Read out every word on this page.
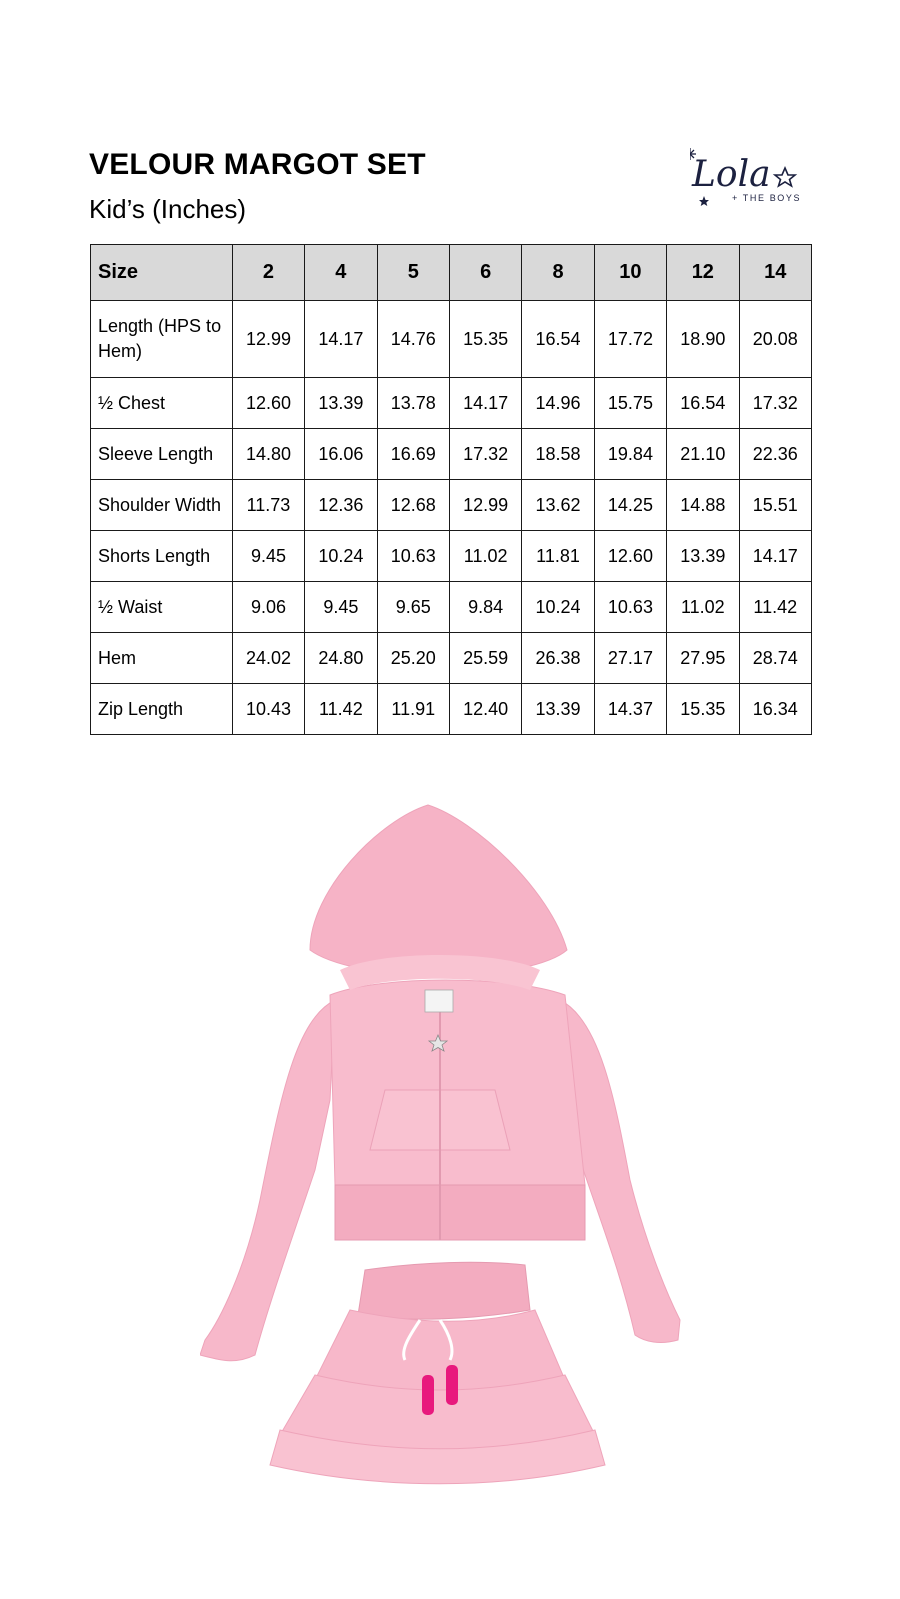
VELOUR MARGOT SET
Kid’s (Inches)
Lola
+ THE BOYS
Size	2	4	5	6	8	10	12	14
Length (HPS to Hem)	12.99	14.17	14.76	15.35	16.54	17.72	18.90	20.08
½ Chest	12.60	13.39	13.78	14.17	14.96	15.75	16.54	17.32
Sleeve Length	14.80	16.06	16.69	17.32	18.58	19.84	21.10	22.36
Shoulder Width	11.73	12.36	12.68	12.99	13.62	14.25	14.88	15.51
Shorts Length	9.45	10.24	10.63	11.02	11.81	12.60	13.39	14.17
½ Waist	9.06	9.45	9.65	9.84	10.24	10.63	11.02	11.42
Hem	24.02	24.80	25.20	25.59	26.38	27.17	27.95	28.74
Zip Length	10.43	11.42	11.91	12.40	13.39	14.37	15.35	16.34
